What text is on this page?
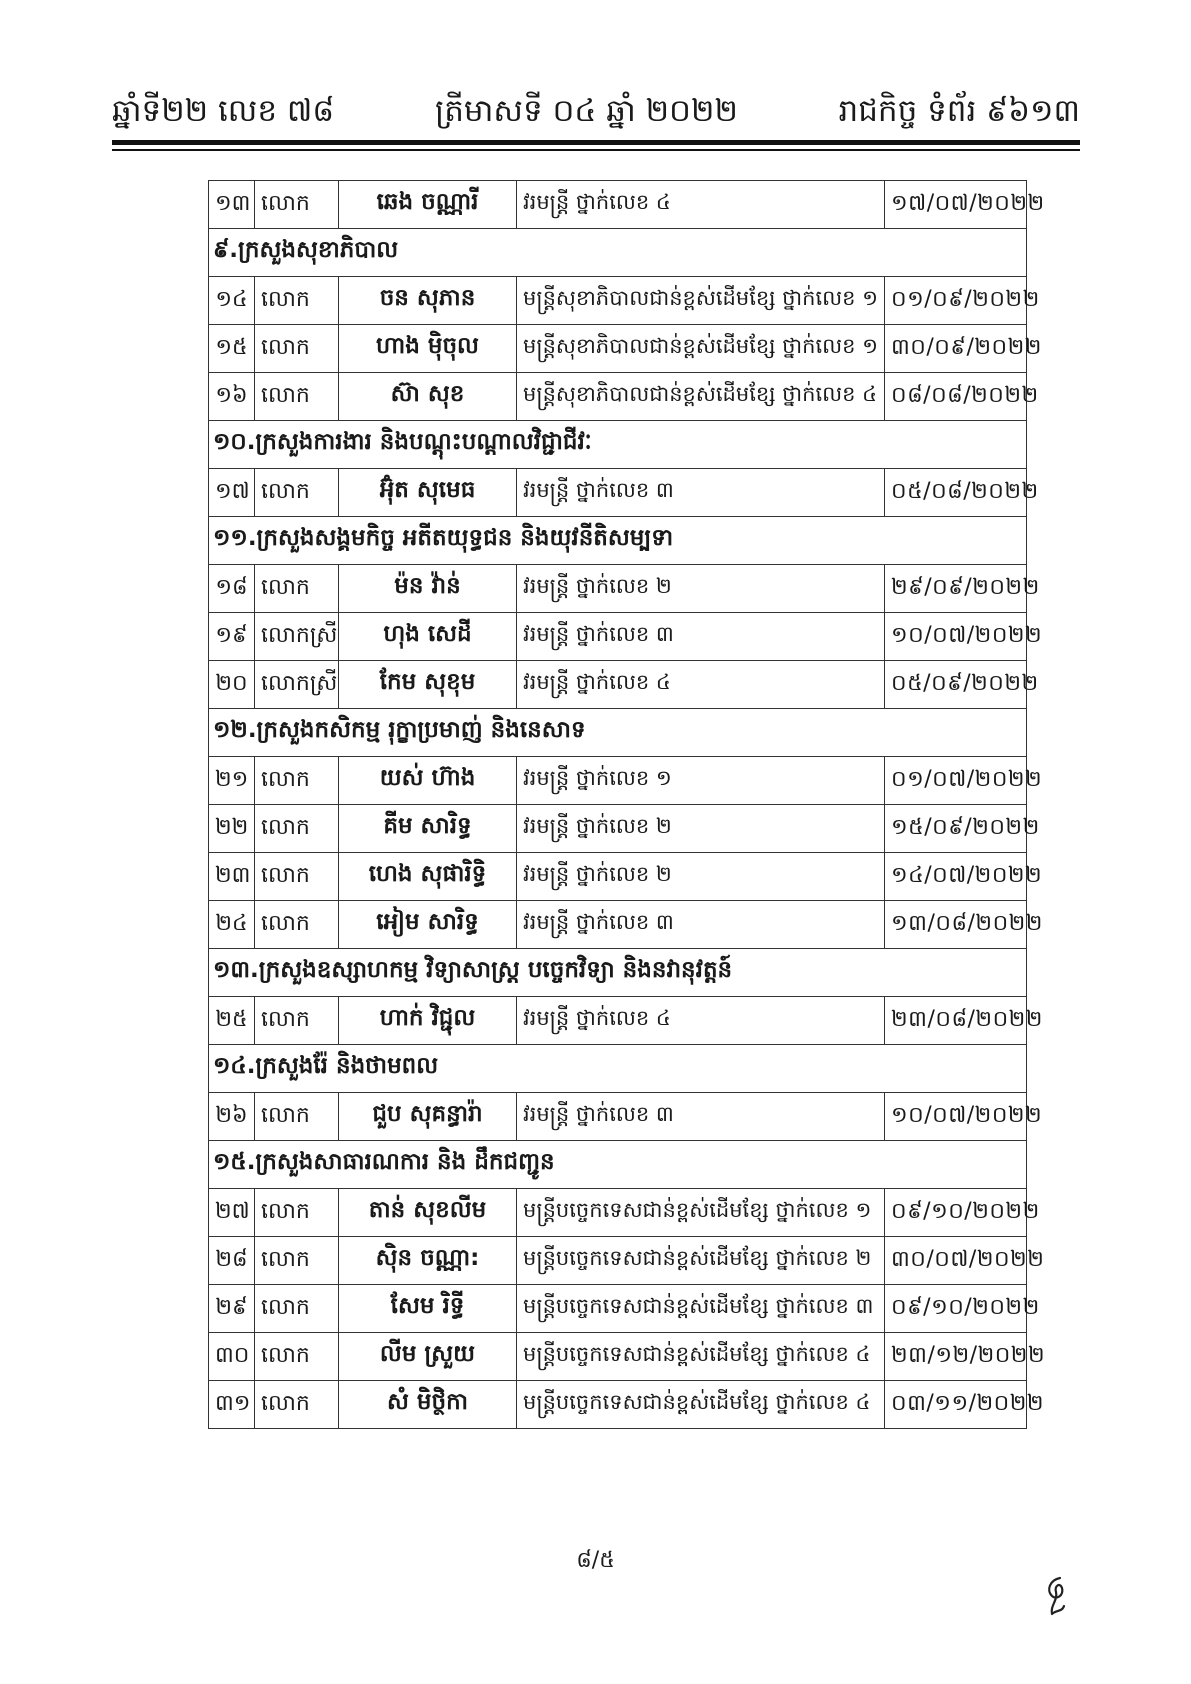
ឆ្នាំទី២២ លេខ ៧៨	ត្រីមាសទី ០៤ ឆ្នាំ ២០២២	រាជកិច្ច ទំព័រ ៩៦១៣
១៣	លោក	ឆេង ចណ្ណារី	វរមន្ត្រី ថ្នាក់លេខ ៤	១៧/០៧/២០២២
៩.ក្រសួងសុខាភិបាល				
១៤	លោក	ចន សុភាន	មន្ត្រីសុខាភិបាលជាន់ខ្ពស់ដើមខ្សែ ថ្នាក់លេខ ១	០១/០៩/២០២២
១៥	លោក	ហាង ម៉ិចុល	មន្ត្រីសុខាភិបាលជាន់ខ្ពស់ដើមខ្សែ ថ្នាក់លេខ ១	៣០/០៩/២០២២
១៦	លោក	ស៊ា សុខ	មន្ត្រីសុខាភិបាលជាន់ខ្ពស់ដើមខ្សែ ថ្នាក់លេខ ៤	០៨/០៨/២០២២
១០.ក្រសួងការងារ និងបណ្តុះបណ្តាលវិជ្ជាជីវៈ				
១៧	លោក	អ៊ុំត សុមេធ	វរមន្ត្រី ថ្នាក់លេខ ៣	០៥/០៨/២០២២
១១.ក្រសួងសង្គមកិច្ច អតីតយុទ្ធជន និងយុវនីតិសម្បទា				
១៨	លោក	ម៉ន វ៉ាន់	វរមន្ត្រី ថ្នាក់លេខ ២	២៩/០៩/២០២២
១៩	លោកស្រី	ហុង សេដី	វរមន្ត្រី ថ្នាក់លេខ ៣	១០/០៧/២០២២
២០	លោកស្រី	កែម សុខុម	វរមន្ត្រី ថ្នាក់លេខ ៤	០៥/០៩/២០២២
១២.ក្រសួងកសិកម្ម រុក្ខាប្រមាញ់ និងនេសាទ				
២១	លោក	យស់ ហ៊ាង	វរមន្ត្រី ថ្នាក់លេខ ១	០១/០៧/២០២២
២២	លោក	គីម សារិទ្ធ	វរមន្ត្រី ថ្នាក់លេខ ២	១៥/០៩/២០២២
២៣	លោក	ហេង សុផារិទ្ធិ	វរមន្ត្រី ថ្នាក់លេខ ២	១៤/០៧/២០២២
២៤	លោក	អៀម សារិទ្ធ	វរមន្ត្រី ថ្នាក់លេខ ៣	១៣/០៨/២០២២
១៣.ក្រសួងឧស្សាហកម្ម វិទ្យាសាស្ត្រ បច្ចេកវិទ្យា និងនវានុវត្តន៍				
២៥	លោក	ហាក់ វិជ្ជុល	វរមន្ត្រី ថ្នាក់លេខ ៤	២៣/០៨/២០២២
១៤.ក្រសួងរ៉ែ និងថាមពល				
២៦	លោក	ជួប សុគន្ធារ៉ា	វរមន្ត្រី ថ្នាក់លេខ ៣	១០/០៧/២០២២
១៥.ក្រសួងសាធារណការ និង ដឹកជញ្ជូន				
២៧	លោក	តាន់ សុខលីម	មន្ត្រីបច្ចេកទេសជាន់ខ្ពស់ដើមខ្សែ ថ្នាក់លេខ ១	០៩/១០/២០២២
២៨	លោក	ស៊ិន ចណ្ណា:	មន្ត្រីបច្ចេកទេសជាន់ខ្ពស់ដើមខ្សែ ថ្នាក់លេខ ២	៣០/០៧/២០២២
២៩	លោក	សែម រិទ្ធី	មន្ត្រីបច្ចេកទេសជាន់ខ្ពស់ដើមខ្សែ ថ្នាក់លេខ ៣	០៩/១០/២០២២
៣០	លោក	លីម ស្រួយ	មន្ត្រីបច្ចេកទេសជាន់ខ្ពស់ដើមខ្សែ ថ្នាក់លេខ ៤	២៣/១២/២០២២
៣១	លោក	សំ មិថ្ថិកា	មន្ត្រីបច្ចេកទេសជាន់ខ្ពស់ដើមខ្សែ ថ្នាក់លេខ ៤	០៣/១១/២០២២
៨/៥
